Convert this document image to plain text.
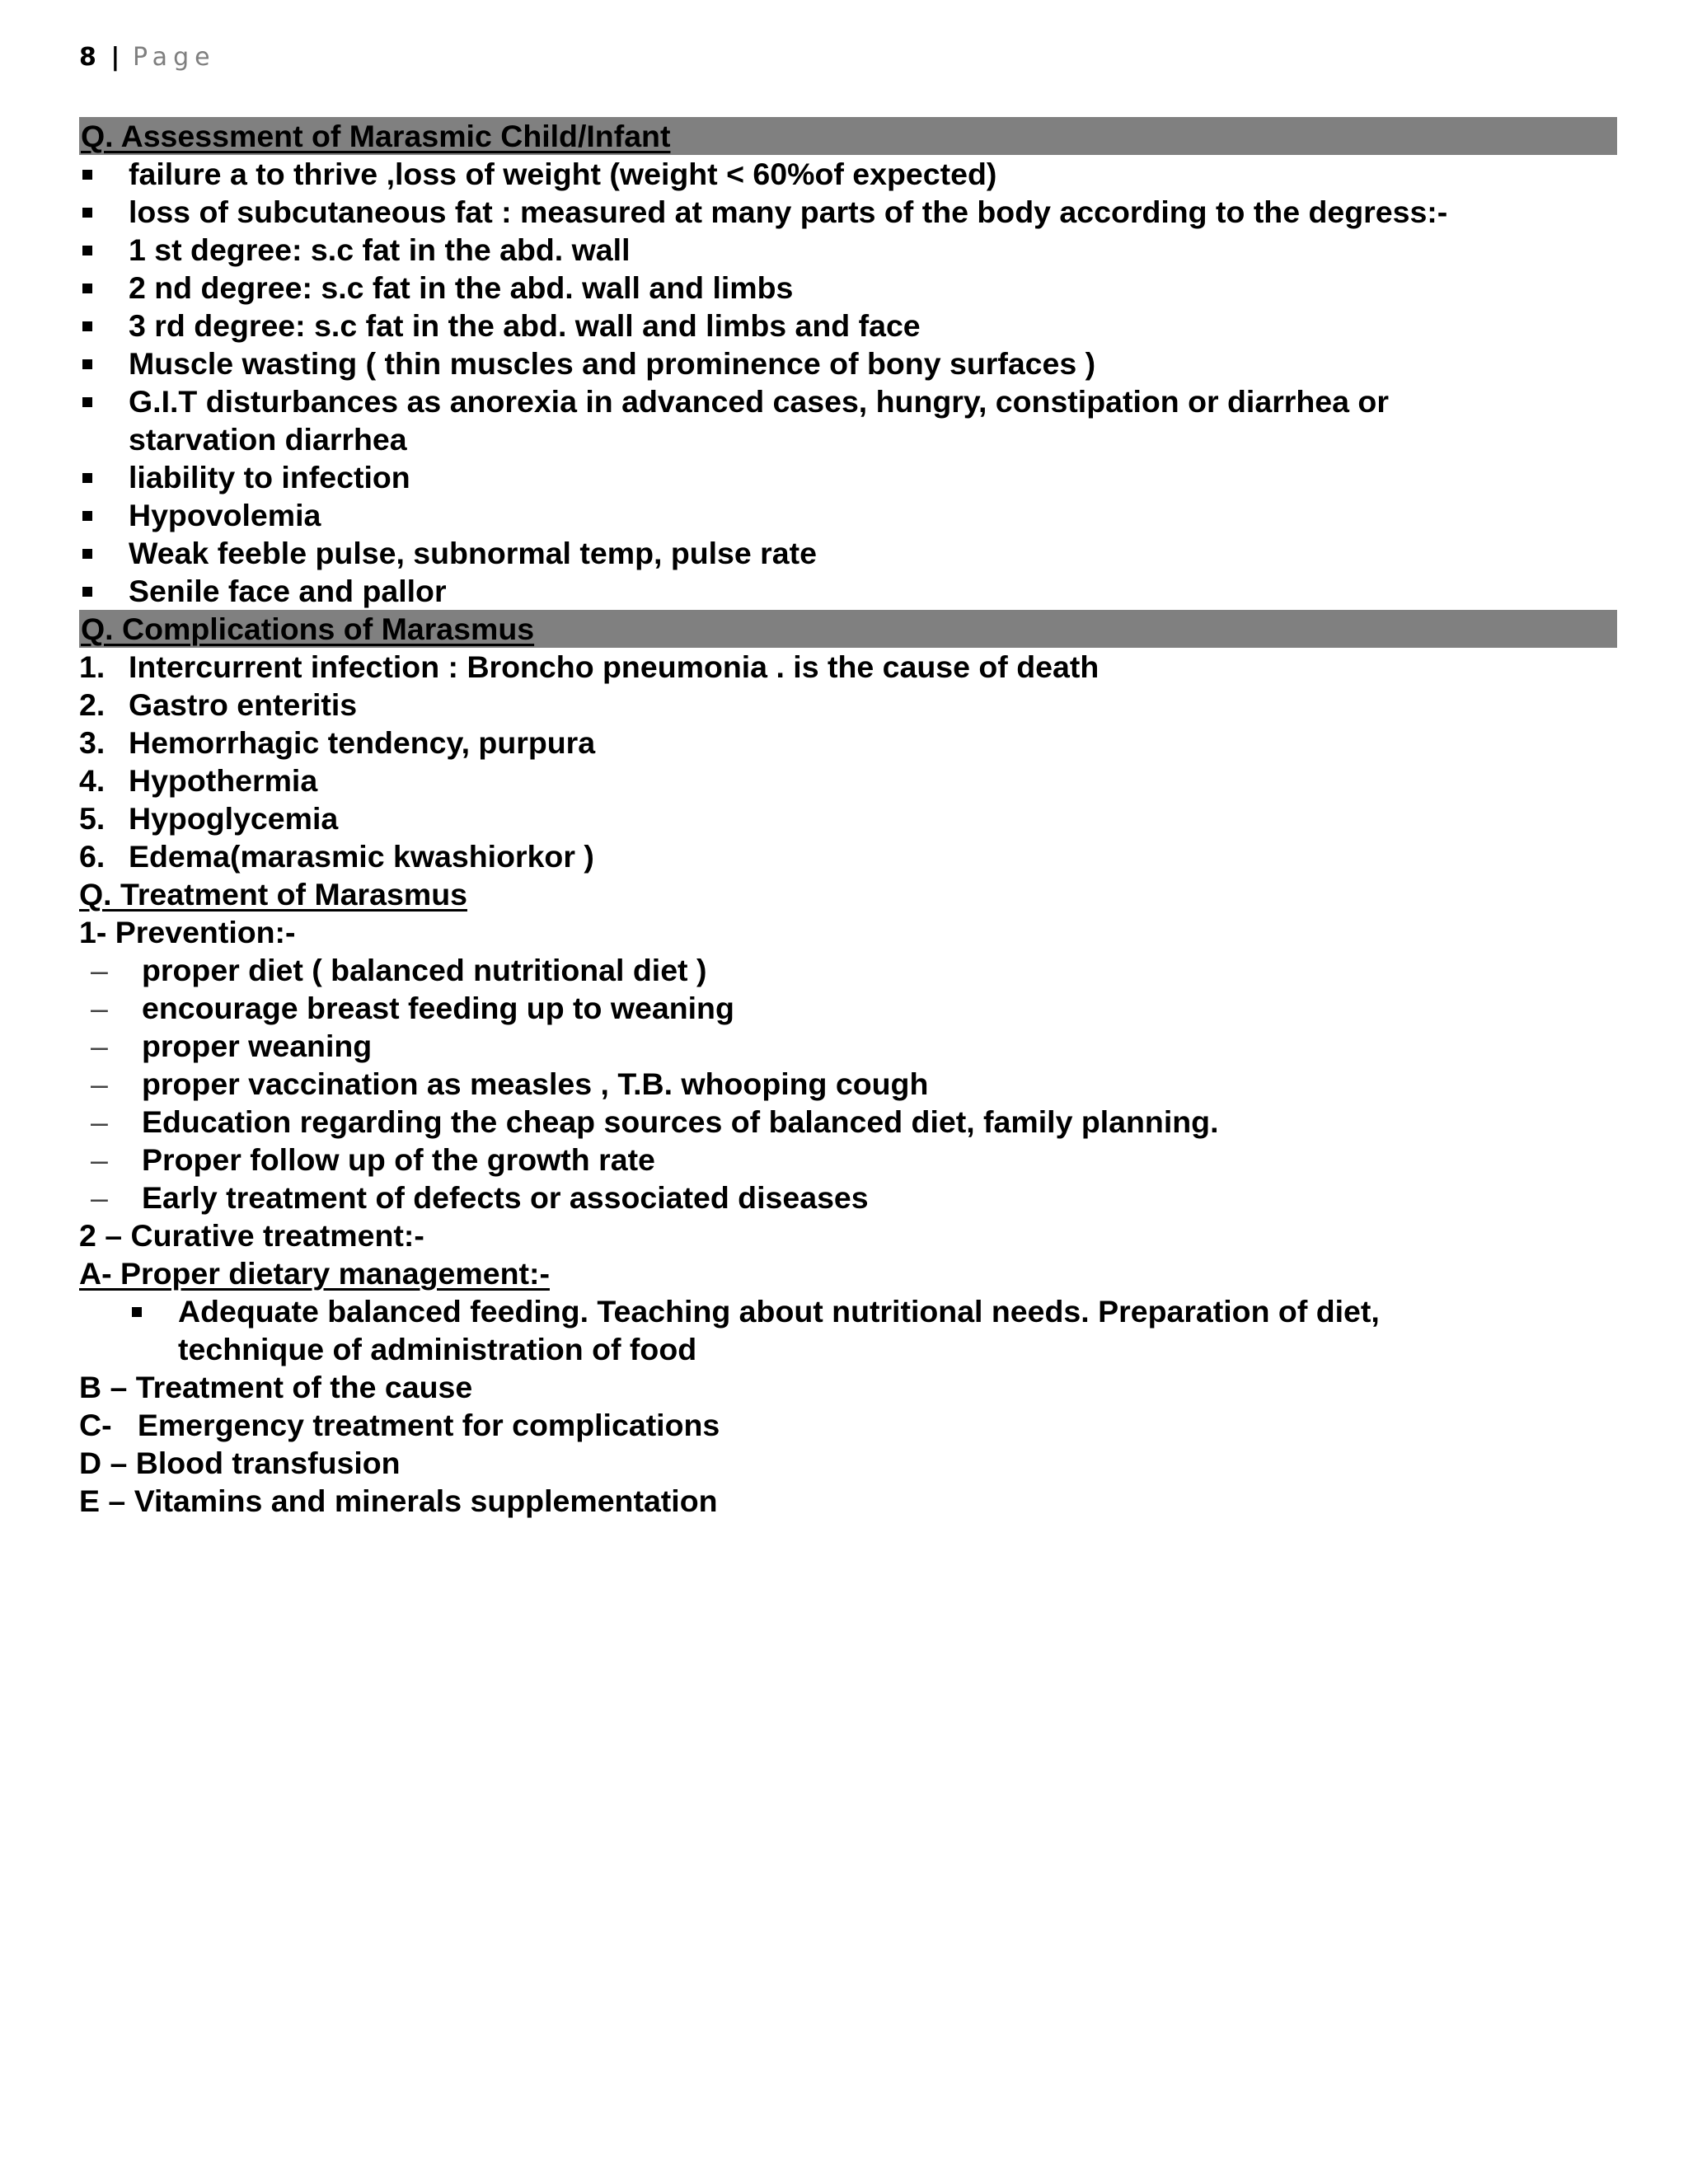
8 | Page
Q. Assessment of Marasmic Child/Infant
failure a to thrive ,loss of weight (weight < 60%of expected)
loss of subcutaneous fat : measured at many parts of the body according to the degress:-
1 st degree: s.c fat in the abd. wall
2 nd degree: s.c fat in the abd. wall and limbs
3 rd degree: s.c fat in the abd. wall and limbs and face
Muscle wasting ( thin muscles and prominence of bony surfaces )
G.I.T disturbances as anorexia in advanced cases, hungry, constipation or diarrhea or
starvation diarrhea
liability to infection
Hypovolemia
Weak feeble pulse, subnormal temp, pulse rate
Senile face and pallor
Q. Complications of Marasmus
1. Intercurrent infection : Broncho pneumonia . is the cause of death
2. Gastro enteritis
3. Hemorrhagic tendency, purpura
4. Hypothermia
5. Hypoglycemia
6. Edema(marasmic kwashiorkor )
Q. Treatment of Marasmus
1- Prevention:-
– proper diet ( balanced nutritional diet )
– encourage breast feeding up to weaning
– proper weaning
– proper vaccination as measles , T.B. whooping cough
– Education regarding the cheap sources of balanced diet, family planning.
– Proper follow up of the growth rate
– Early treatment of defects or associated diseases
2 – Curative treatment:-
A- Proper dietary management:-
Adequate balanced feeding. Teaching about nutritional needs. Preparation of diet,
technique of administration of food
B – Treatment of the cause
C-   Emergency treatment for complications
D – Blood transfusion
E – Vitamins and minerals supplementation
